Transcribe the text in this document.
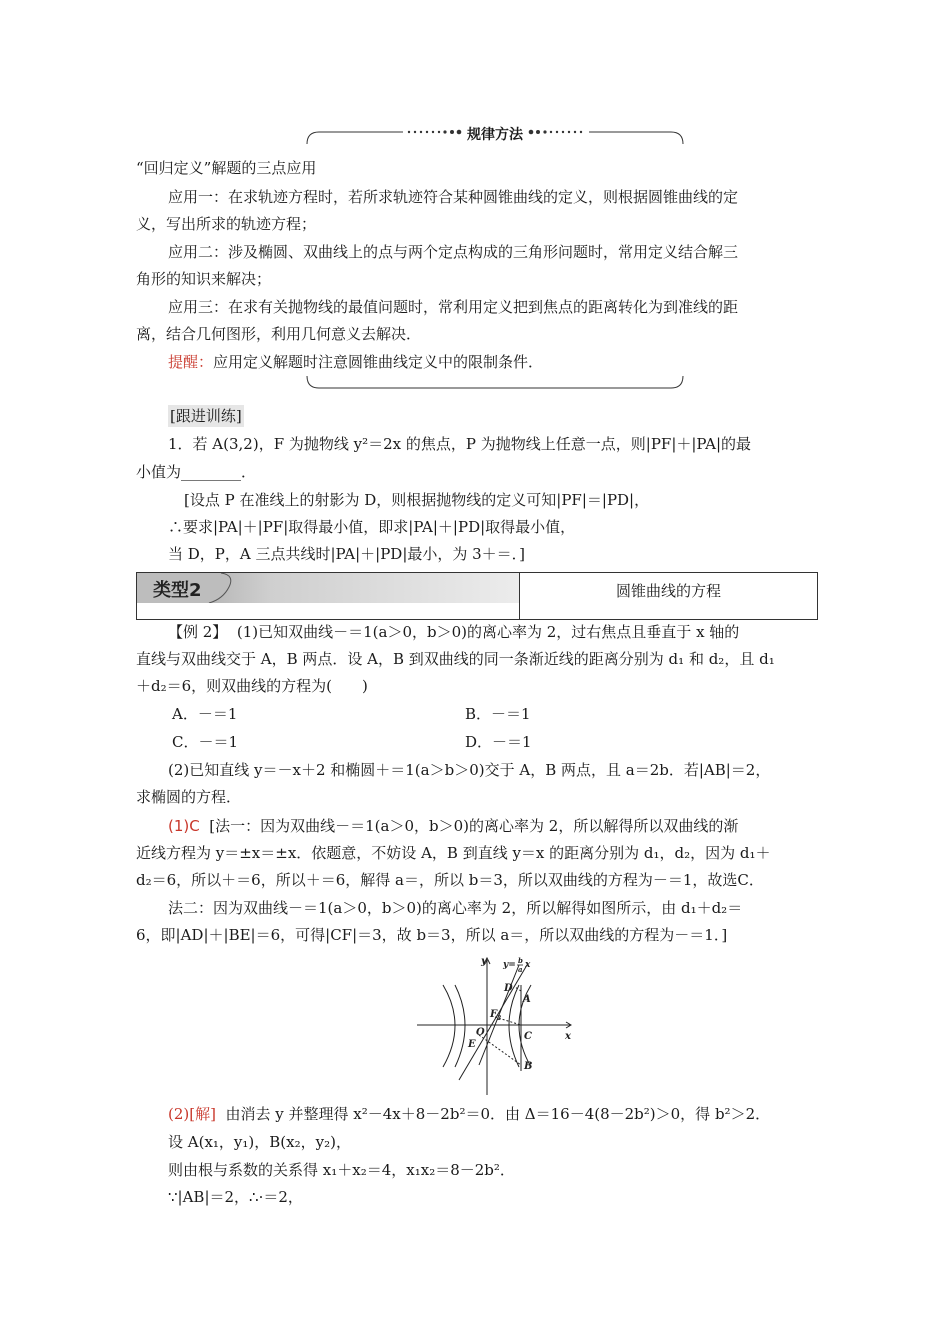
规律方法
“回归定义”解题的三点应用
应用一：在求轨迹方程时，若所求轨迹符合某种圆锥曲线的定义，则根据圆锥曲线的定
义，写出所求的轨迹方程；
应用二：涉及椭圆、双曲线上的点与两个定点构成的三角形问题时，常用定义结合解三
角形的知识来解决；
应用三：在求有关抛物线的最值问题时，常利用定义把到焦点的距离转化为到准线的距
离，结合几何图形，利用几何意义去解决．
提醒：应用定义解题时注意圆锥曲线定义中的限制条件．
[跟进训练]
1．若 A(3,2)，F 为抛物线 y²＝2x 的焦点，P 为抛物线上任意一点，则|PF|＋|PA|的最
小值为________．
[设点 P 在准线上的射影为 D，则根据抛物线的定义可知|PF|＝|PD|，
∴要求|PA|＋|PF|取得最小值，即求|PA|＋|PD|取得最小值，
当 D，P，A 三点共线时|PA|＋|PD|最小，为 3＋＝．]
类型2	圆锥曲线的方程
【例 2】 (1)已知双曲线－＝1(a＞0，b＞0)的离心率为 2，过右焦点且垂直于 x 轴的
直线与双曲线交于 A，B 两点．设 A，B 到双曲线的同一条渐近线的距离分别为 d₁ 和 d₂，且 d₁
＋d₂＝6，则双曲线的方程为(　　)
A．－＝1	B．－＝1
C．－＝1	D．－＝1
(2)已知直线 y＝－x＋2 和椭圆＋＝1(a＞b＞0)交于 A，B 两点，且 a＝2b．若|AB|＝2，
求椭圆的方程．
(1)C [法一：因为双曲线－＝1(a＞0，b＞0)的离心率为 2，所以解得所以双曲线的渐
近线方程为 y＝±x＝±x．依题意，不妨设 A，B 到直线 y＝x 的距离分别为 d₁，d₂，因为 d₁＋
d₂＝6，所以＋＝6，所以＋＝6，解得 a＝，所以 b＝3，所以双曲线的方程为－＝1，故选C．
法二：因为双曲线－＝1(a＞0，b＞0)的离心率为 2，所以解得如图所示，由 d₁＋d₂＝
6，即|AD|＋|BE|＝6，可得|CF|＝3，故 b＝3，所以 a＝，所以双曲线的方程为－＝1．]
y
x
y= b
a x
D
A
F 2
O	C
E
B
(2)[解] 由消去 y 并整理得 x²－4x＋8－2b²＝0．由 Δ＝16－4(8－2b²)＞0，得 b²＞2．
设 A(x₁，y₁)，B(x₂，y₂)，
则由根与系数的关系得 x₁＋x₂＝4，x₁x₂＝8－2b²．
∵|AB|＝2，∴·＝2，
